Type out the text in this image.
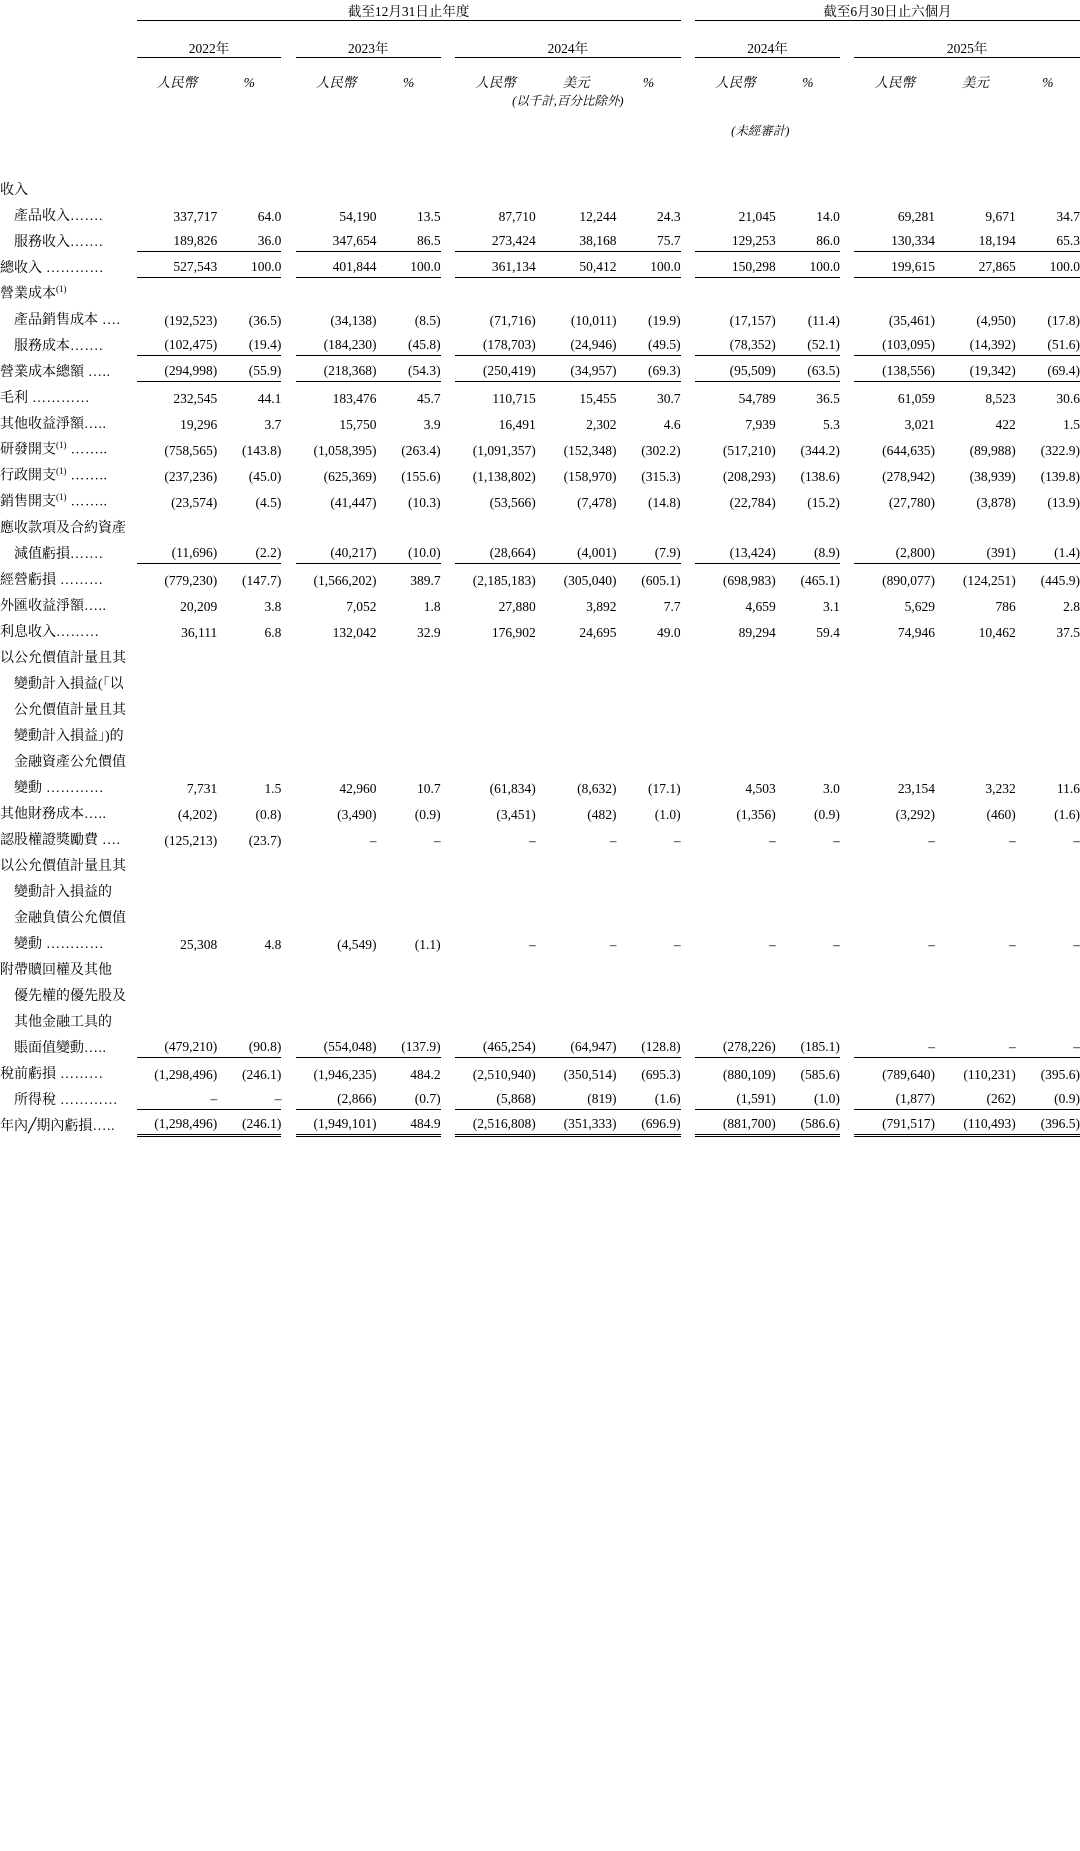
	截至12月31日止年度										截至6月30日止六個月					

	2022年			2023年			2024年				2024年			2025年		

	人民幣	%		人民幣	%		人民幣	美元	%		人民幣	%		人民幣	美元	%
							(以千計,百分比除外)									
										(未經審計)						

收入																
產品收入…….	337,717	64.0		54,190	13.5		87,710	12,244	24.3		21,045	14.0		69,281	9,671	34.7
服務收入…….	189,826	36.0		347,654	86.5		273,424	38,168	75.7		129,253	86.0		130,334	18,194	65.3
總收入 …………	527,543	100.0		401,844	100.0		361,134	50,412	100.0		150,298	100.0		199,615	27,865	100.0
營業成本$^{(1)}$																
產品銷售成本 ….	(192,523)	(36.5)		(34,138)	(8.5)		(71,716)	(10,011)	(19.9)		(17,157)	(11.4)		(35,461)	(4,950)	(17.8)
服務成本…….	(102,475)	(19.4)		(184,230)	(45.8)		(178,703)	(24,946)	(49.5)		(78,352)	(52.1)		(103,095)	(14,392)	(51.6)
營業成本總額 …..	(294,998)	(55.9)		(218,368)	(54.3)		(250,419)	(34,957)	(69.3)		(95,509)	(63.5)		(138,556)	(19,342)	(69.4)
毛利 …………	232,545	44.1		183,476	45.7		110,715	15,455	30.7		54,789	36.5		61,059	8,523	30.6
其他收益淨額…..	19,296	3.7		15,750	3.9		16,491	2,302	4.6		7,939	5.3		3,021	422	1.5
研發開支$^{(1)}$ ……..	(758,565)	(143.8)		(1,058,395)	(263.4)		(1,091,357)	(152,348)	(302.2)		(517,210)	(344.2)		(644,635)	(89,988)	(322.9)
行政開支$^{(1)}$ ……..	(237,236)	(45.0)		(625,369)	(155.6)		(1,138,802)	(158,970)	(315.3)		(208,293)	(138.6)		(278,942)	(38,939)	(139.8)
銷售開支$^{(1)}$ ……..	(23,574)	(4.5)		(41,447)	(10.3)		(53,566)	(7,478)	(14.8)		(22,784)	(15.2)		(27,780)	(3,878)	(13.9)
應收款項及合約資產																
減值虧損…….	(11,696)	(2.2)		(40,217)	(10.0)		(28,664)	(4,001)	(7.9)		(13,424)	(8.9)		(2,800)	(391)	(1.4)
經營虧損 ………	(779,230)	(147.7)		(1,566,202)	389.7		(2,185,183)	(305,040)	(605.1)		(698,983)	(465.1)		(890,077)	(124,251)	(445.9)
外匯收益淨額…..	20,209	3.8		7,052	1.8		27,880	3,892	7.7		4,659	3.1		5,629	786	2.8
利息收入………	36,111	6.8		132,042	32.9		176,902	24,695	49.0		89,294	59.4		74,946	10,462	37.5
以公允價值計量且其																
變動計入損益(「以																
公允價值計量且其																
變動計入損益」)的																
金融資產公允價值																
變動 …………	7,731	1.5		42,960	10.7		(61,834)	(8,632)	(17.1)		4,503	3.0		23,154	3,232	11.6
其他財務成本…..	(4,202)	(0.8)		(3,490)	(0.9)		(3,451)	(482)	(1.0)		(1,356)	(0.9)		(3,292)	(460)	(1.6)
認股權證獎勵費 ….	(125,213)	(23.7)		–	–		–	–	–		–	–		–	–	–
以公允價值計量且其																
變動計入損益的																
金融負債公允價值																
變動 …………	25,308	4.8		(4,549)	(1.1)		–	–	–		–	–		–	–	–
附帶贖回權及其他																
優先權的優先股及																
其他金融工具的																
賬面值變動…..	(479,210)	(90.8)		(554,048)	(137.9)		(465,254)	(64,947)	(128.8)		(278,226)	(185.1)		–	–	–
稅前虧損 ………	(1,298,496)	(246.1)		(1,946,235)	484.2		(2,510,940)	(350,514)	(695.3)		(880,109)	(585.6)		(789,640)	(110,231)	(395.6)
所得稅 …………	–	–		(2,866)	(0.7)		(5,868)	(819)	(1.6)		(1,591)	(1.0)		(1,877)	(262)	(0.9)
年內╱期內虧損…..	(1,298,496)	(246.1)		(1,949,101)	484.9		(2,516,808)	(351,333)	(696.9)		(881,700)	(586.6)		(791,517)	(110,493)	(396.5)
